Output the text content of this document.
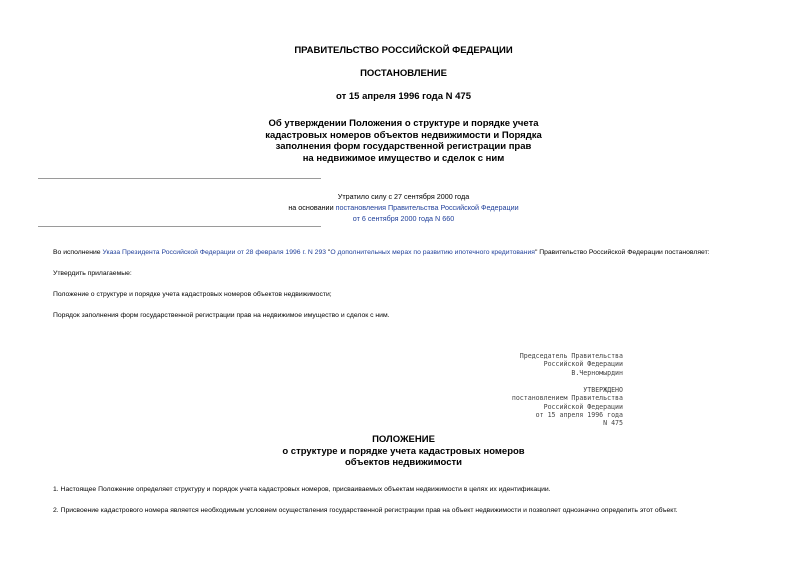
ПРАВИТЕЛЬСТВО РОССИЙСКОЙ ФЕДЕРАЦИИ
ПОСТАНОВЛЕНИЕ
от 15 апреля 1996 года N 475
Об утверждении Положения о структуре и порядке учета
кадастровых номеров объектов недвижимости и Порядка
заполнения форм государственной регистрации прав
на недвижимое имущество и сделок с ним
Утратило силу с 27 сентября 2000 года
на основании постановления Правительства Российской Федерации
от 6 сентября 2000 года N 660
Во исполнение Указа Президента Российской Федерации от 28 февраля 1996 г. N 293 "О дополнительных мерах по развитию ипотечного кредитования" Правительство Российской Федерации постановляет:
Утвердить прилагаемые:
Положение о структуре и порядке учета кадастровых номеров объектов недвижимости;
Порядок заполнения форм государственной регистрации прав на недвижимое имущество и сделок с ним.
Председатель Правительства
Российской Федерации
В.Черномырдин
УТВЕРЖДЕНО
постановлением Правительства
Российской Федерации
от 15 апреля 1996 года
N 475
ПОЛОЖЕНИЕ
о структуре и порядке учета кадастровых номеров
объектов недвижимости
1. Настоящее Положение определяет структуру и порядок учета кадастровых номеров, присваиваемых объектам недвижимости в целях их идентификации.
2. Присвоение кадастрового номера является необходимым условием осуществления государственной регистрации прав на объект недвижимости и позволяет однозначно определить этот объект.
